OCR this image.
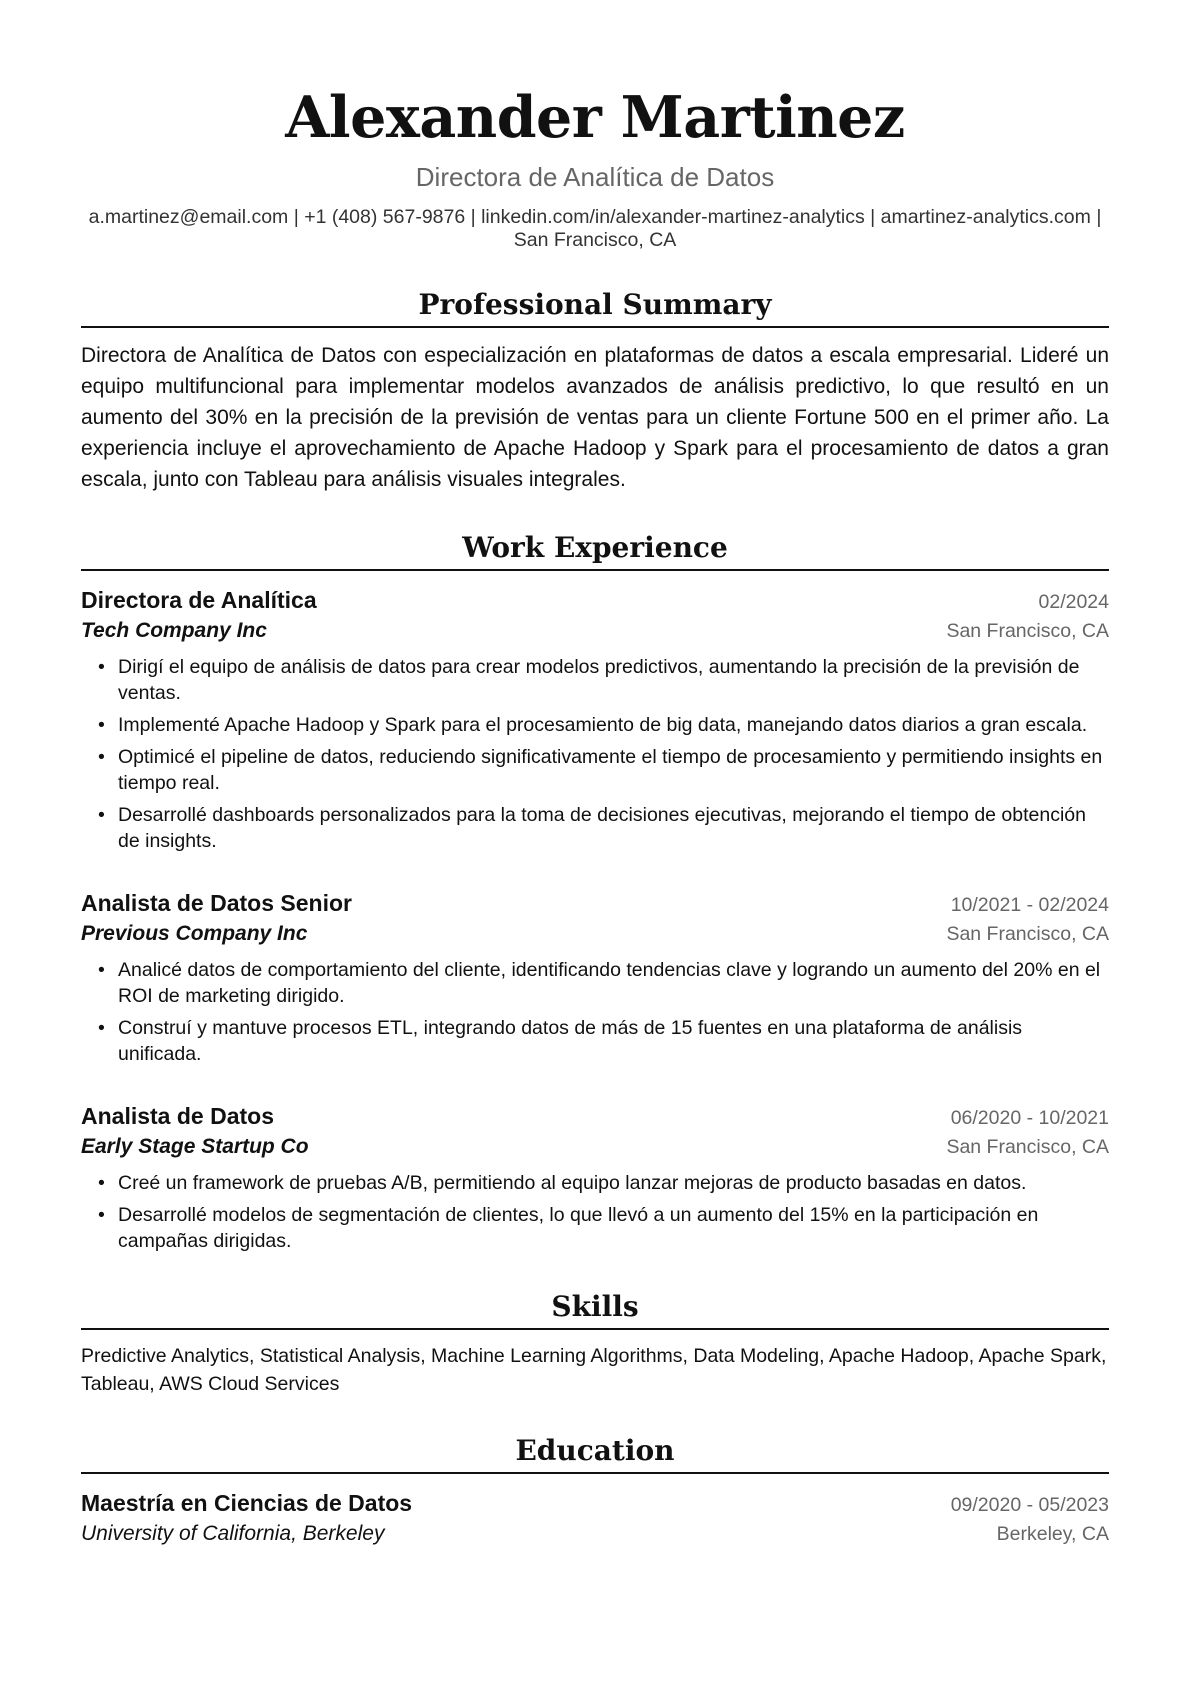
Alexander Martinez
Directora de Analítica de Datos
a.martinez@email.com | +1 (408) 567-9876 | linkedin.com/in/alexander-martinez-analytics | amartinez-analytics.com | San Francisco, CA
Professional Summary

Directora de Analítica de Datos con especialización en plataformas de datos a escala empresarial. Lideré un equipo multifuncional para implementar modelos avanzados de análisis predictivo, lo que resultó en un aumento del 30% en la precisión de la previsión de ventas para un cliente Fortune 500 en el primer año. La experiencia incluye el aprovechamiento de Apache Hadoop y Spark para el procesamiento de datos a gran escala, junto con Tableau para análisis visuales integrales.

Work Experience
Directora de Analítica	02/2024
Tech Company Inc	San Francisco, CA
• Dirigí el equipo de análisis de datos para crear modelos predictivos, aumentando la precisión de la previsión de ventas.
• Implementé Apache Hadoop y Spark para el procesamiento de big data, manejando datos diarios a gran escala.
• Optimicé el pipeline de datos, reduciendo significativamente el tiempo de procesamiento y permitiendo insights en tiempo real.
• Desarrollé dashboards personalizados para la toma de decisiones ejecutivas, mejorando el tiempo de obtención de insights.
Analista de Datos Senior	10/2021 - 02/2024
Previous Company Inc	San Francisco, CA
• Analicé datos de comportamiento del cliente, identificando tendencias clave y logrando un aumento del 20% en el ROI de marketing dirigido.
• Construí y mantuve procesos ETL, integrando datos de más de 15 fuentes en una plataforma de análisis unificada.
Analista de Datos	06/2020 - 10/2021
Early Stage Startup Co	San Francisco, CA
• Creé un framework de pruebas A/B, permitiendo al equipo lanzar mejoras de producto basadas en datos.
• Desarrollé modelos de segmentación de clientes, lo que llevó a un aumento del 15% en la participación en campañas dirigidas.
Skills

Predictive Analytics, Statistical Analysis, Machine Learning Algorithms, Data Modeling, Apache Hadoop, Apache Spark, Tableau, AWS Cloud Services

Education
Maestría en Ciencias de Datos	09/2020 - 05/2023
University of California, Berkeley	Berkeley, CA
